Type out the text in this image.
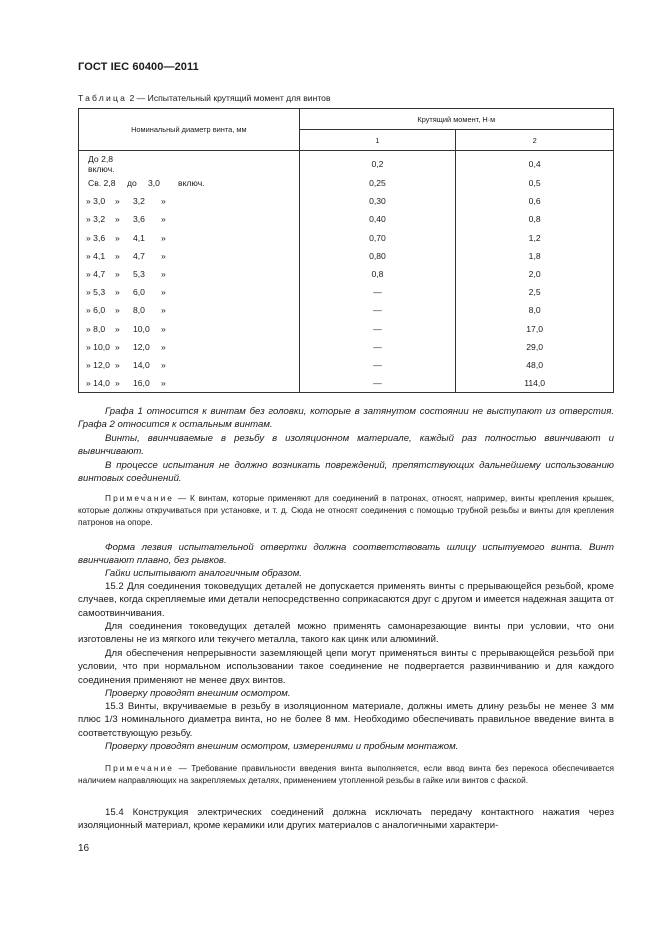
ГОСТ IEC 60400—2011
Таблица 2 — Испытательный крутящий момент для винтов
Номинальный диаметр винта, мм	Крутящий момент, Н·м	
	1	2
До 2,8 включ.	0,2	0,4
Св. 2,8 до 3,0 включ.	0,25	0,5
» 3,0 » 3,2 »	0,30	0,6
» 3,2 » 3,6 »	0,40	0,8
» 3,6 » 4,1 »	0,70	1,2
» 4,1 » 4,7 »	0,80	1,8
» 4,7 » 5,3 »	0,8	2,0
» 5,3 » 6,0 »	—	2,5
» 6,0 » 8,0 »	—	8,0
» 8,0 » 10,0 »	—	17,0
» 10,0 » 12,0 »	—	29,0
» 12,0 » 14,0 »	—	48,0
» 14,0 » 16,0 »	—	114,0

Графа 1 относится к винтам без головки, которые в затянутом состоянии не выступают из отверстия. Графа 2 относится к остальным винтам.

Винты, ввинчиваемые в резьбу в изоляционном материале, каждый раз полностью ввинчивают и вывинчивают.

В процессе испытания не должно возникать повреждений, препятствующих дальнейшему использованию винтовых соединений.

Примечание — К винтам, которые применяют для соединений в патронах, относят, например, винты крепления крышек, которые должны откручиваться при установке, и т. д. Сюда не относят соединения с помощью трубной резьбы и винты для крепления патронов на опоре.

Форма лезвия испытательной отвертки должна соответствовать шлицу испытуемого винта. Винт ввинчивают плавно, без рывков.

Гайки испытывают аналогичным образом.

15.2 Для соединения токоведущих деталей не допускается применять винты с прерывающейся резьбой, кроме случаев, когда скрепляемые ими детали непосредственно соприкасаются друг с другом и имеется надежная защита от самоотвинчивания.

Для соединения токоведущих деталей можно применять самонарезающие винты при условии, что они изготовлены не из мягкого или текучего металла, такого как цинк или алюминий.

Для обеспечения непрерывности заземляющей цепи могут применяться винты с прерывающейся резьбой при условии, что при нормальном использовании такое соединение не подвергается развинчиванию и для каждого соединения применяют не менее двух винтов.

Проверку проводят внешним осмотром.

15.3 Винты, вкручиваемые в резьбу в изоляционном материале, должны иметь длину резьбы не менее 3 мм плюс 1/3 номинального диаметра винта, но не более 8 мм. Необходимо обеспечивать правильное введение винта в соответствующую резьбу.

Проверку проводят внешним осмотром, измерениями и пробным монтажом.

Примечание — Требование правильности введения винта выполняется, если ввод винта без перекоса обеспечивается наличием направляющих на закрепляемых деталях, применением утопленной резьбы в гайке или винтов с фаской.

15.4 Конструкция электрических соединений должна исключать передачу контактного нажатия через изоляционный материал, кроме керамики или других материалов с аналогичными характери-

16
